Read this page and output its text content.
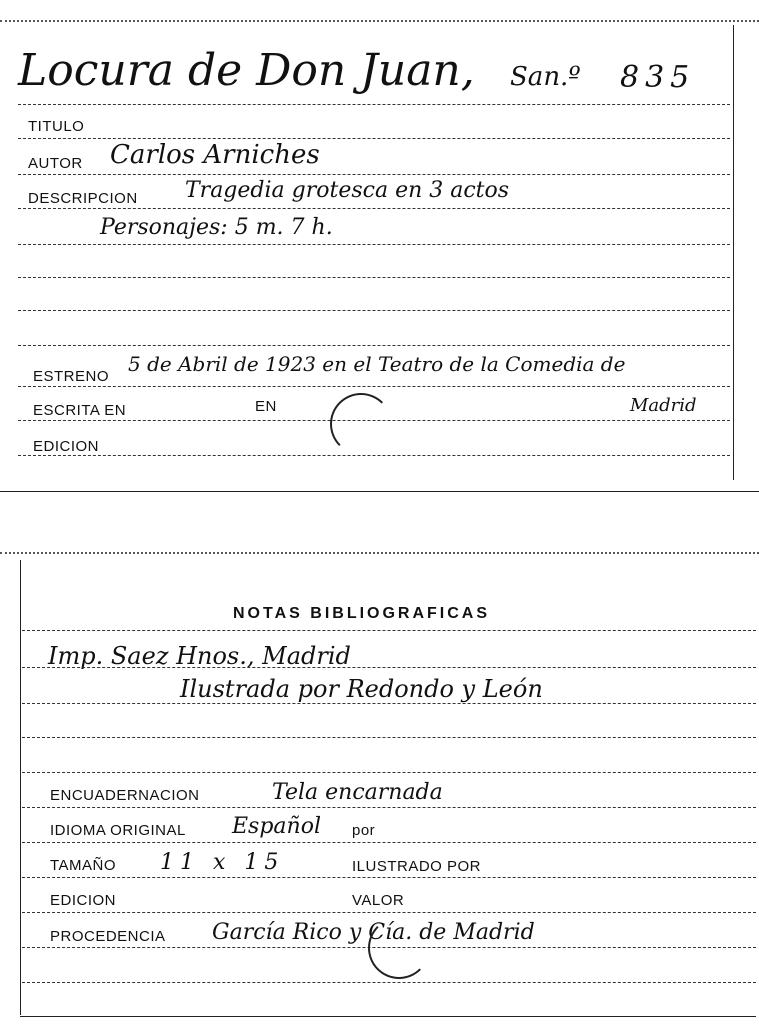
Locura de Don Juan, San.º 835
TITULO
AUTOR Carlos Arniches
DESCRIPCION Tragedia grotesca en 3 actos
Personajes: 5 m. 7 h.
ESTRENO
5 de Abril de 1923 en el Teatro de la Comedia de
ESCRITA EN	EN	Madrid
EDICION
NOTAS BIBLIOGRAFICAS
Imp. Saez Hnos., Madrid
Ilustrada por Redondo y León
ENCUADERNACION	Tela encarnada
IDIOMA ORIGINAL Español por
TAMAÑO 11 x 15	ILUSTRADO POR
EDICION	VALOR
PROCEDENCIA García Rico y Cía. de Madrid
